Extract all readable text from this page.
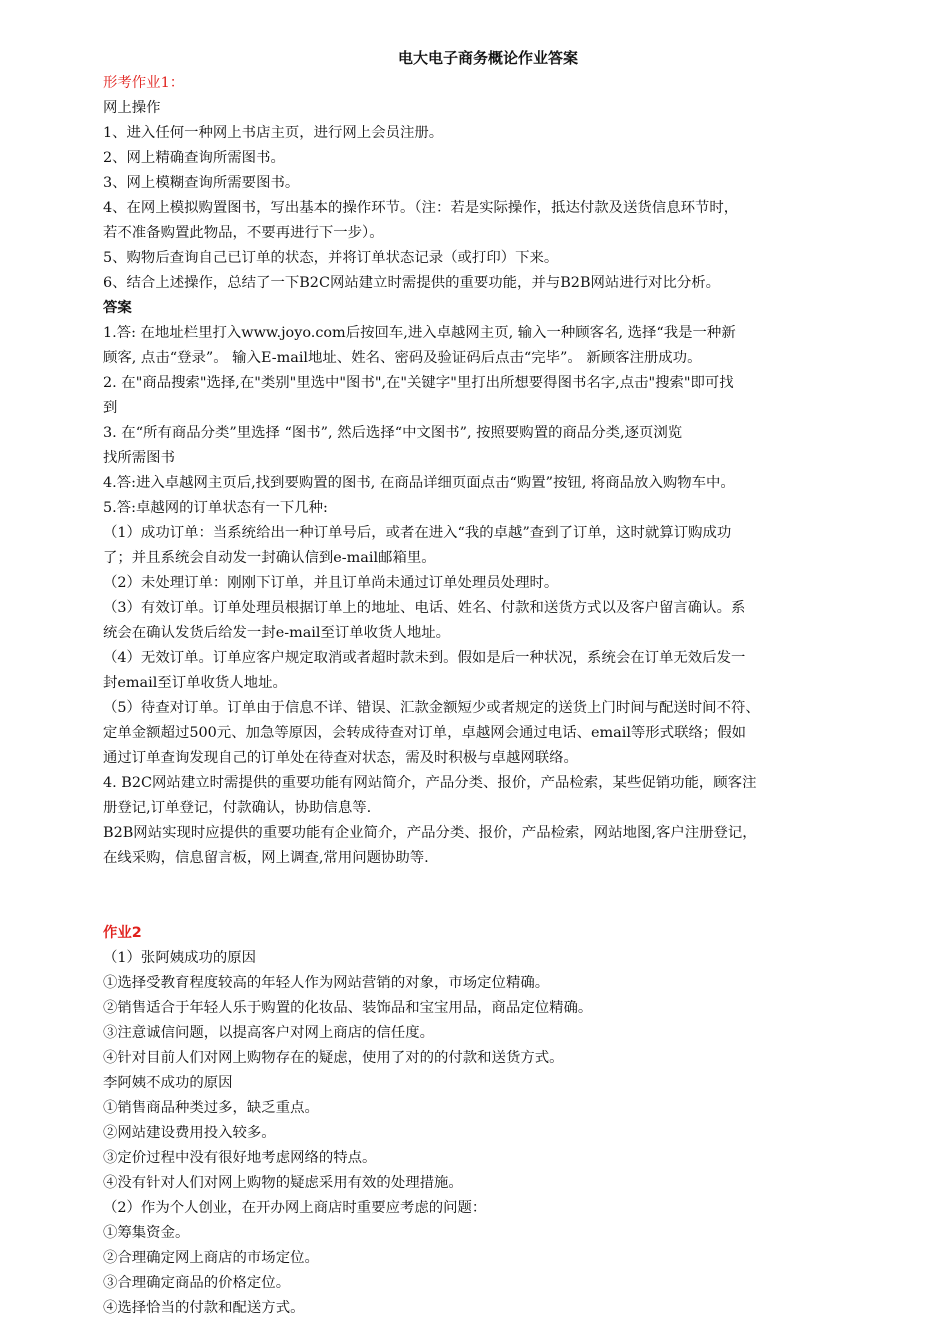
电大电子商务概论作业答案
形考作业1：
网上操作
1、进入任何一种网上书店主页，进行网上会员注册。
2、网上精确查询所需图书。
3、网上模糊查询所需要图书。
4、在网上模拟购置图书，写出基本的操作环节。（注：若是实际操作，抵达付款及送货信息环节时，
若不准备购置此物品，不要再进行下一步）。
5、购物后查询自己已订单的状态，并将订单状态记录（或打印）下来。
6、结合上述操作，总结了一下B2C网站建立时需提供的重要功能，并与B2B网站进行对比分析。
答案
1.答: 在地址栏里打入www.joyo.com后按回车,进入卓越网主页, 输入一种顾客名, 选择“我是一种新
顾客, 点击“登录”。 输入E-mail地址、姓名、密码及验证码后点击“完毕”。 新顾客注册成功。
2. 在"商品搜索"选择,在"类别"里选中"图书",在"关键字"里打出所想要得图书名字,点击"搜索"即可找
到
3. 在“所有商品分类”里选择 “图书”, 然后选择“中文图书”, 按照要购置的商品分类,逐页浏览
找所需图书
4.答:进入卓越网主页后,找到要购置的图书, 在商品详细页面点击“购置”按钮, 将商品放入购物车中。
5.答:卓越网的订单状态有一下几种:
（1）成功订单：当系统给出一种订单号后，或者在进入“我的卓越”查到了订单，这时就算订购成功
了；并且系统会自动发一封确认信到e-mail邮箱里。
（2）未处理订单：刚刚下订单，并且订单尚未通过订单处理员处理时。
（3）有效订单。订单处理员根据订单上的地址、电话、姓名、付款和送货方式以及客户留言确认。系
统会在确认发货后给发一封e-mail至订单收货人地址。
（4）无效订单。订单应客户规定取消或者超时款未到。假如是后一种状况，系统会在订单无效后发一
封email至订单收货人地址。
（5）待查对订单。订单由于信息不详、错误、汇款金额短少或者规定的送货上门时间与配送时间不符、
定单金额超过500元、加急等原因，会转成待查对订单，卓越网会通过电话、email等形式联络；假如
通过订单查询发现自己的订单处在待查对状态，需及时积极与卓越网联络。
4. B2C网站建立时需提供的重要功能有网站简介，产品分类、报价，产品检索，某些促销功能，顾客注
册登记,订单登记，付款确认，协助信息等.
B2B网站实现时应提供的重要功能有企业简介，产品分类、报价，产品检索，网站地图,客户注册登记，
在线采购，信息留言板，网上调查,常用问题协助等.
作业2
（1）张阿姨成功的原因
①选择受教育程度较高的年轻人作为网站营销的对象，市场定位精确。
②销售适合于年轻人乐于购置的化妆品、装饰品和宝宝用品，商品定位精确。
③注意诚信问题，以提高客户对网上商店的信任度。
④针对目前人们对网上购物存在的疑虑，使用了对的的付款和送货方式。
李阿姨不成功的原因
①销售商品种类过多，缺乏重点。
②网站建设费用投入较多。
③定价过程中没有很好地考虑网络的特点。
④没有针对人们对网上购物的疑虑采用有效的处理措施。
（2）作为个人创业，在开办网上商店时重要应考虑的问题：
①筹集资金。
②合理确定网上商店的市场定位。
③合理确定商品的价格定位。
④选择恰当的付款和配送方式。
